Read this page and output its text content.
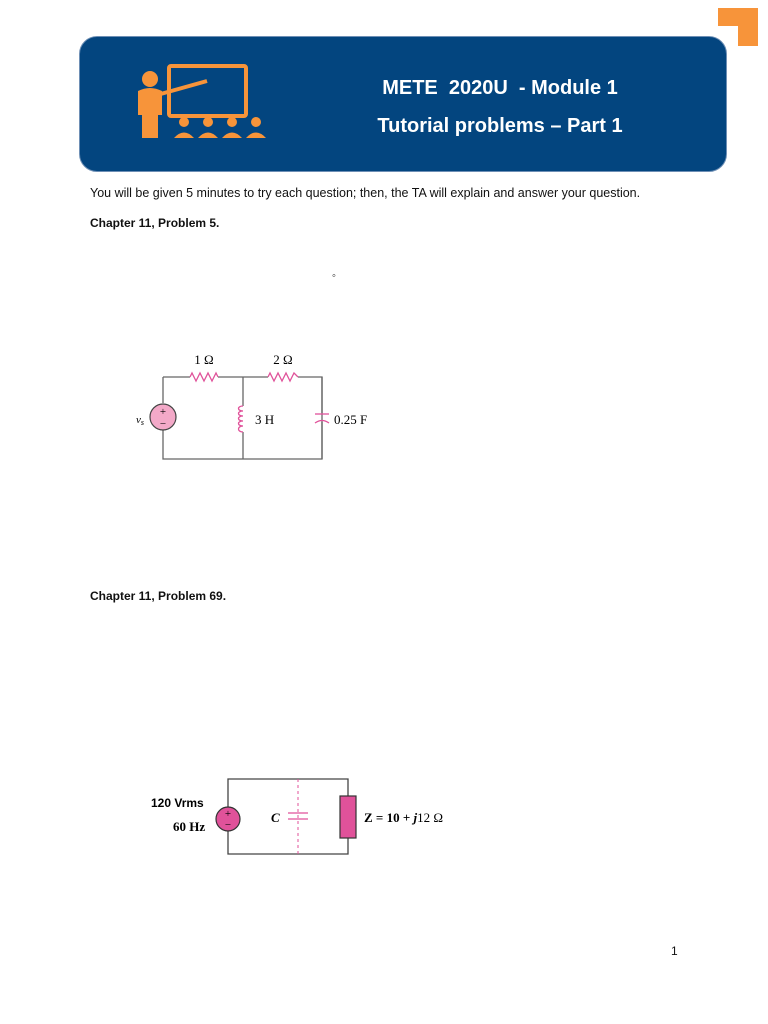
METE  2020U  - Module 1
Tutorial problems – Part 1
You will be given 5 minutes to try each question; then, the TA will explain and answer your question.
Chapter 11, Problem 5.
◦
+
−
vs
1 Ω	2 Ω
3 H	0.25 F
Chapter 11, Problem 69.
+
−
120 Vrms
60 Hz
C	Z = 10 + j12 Ω
1
